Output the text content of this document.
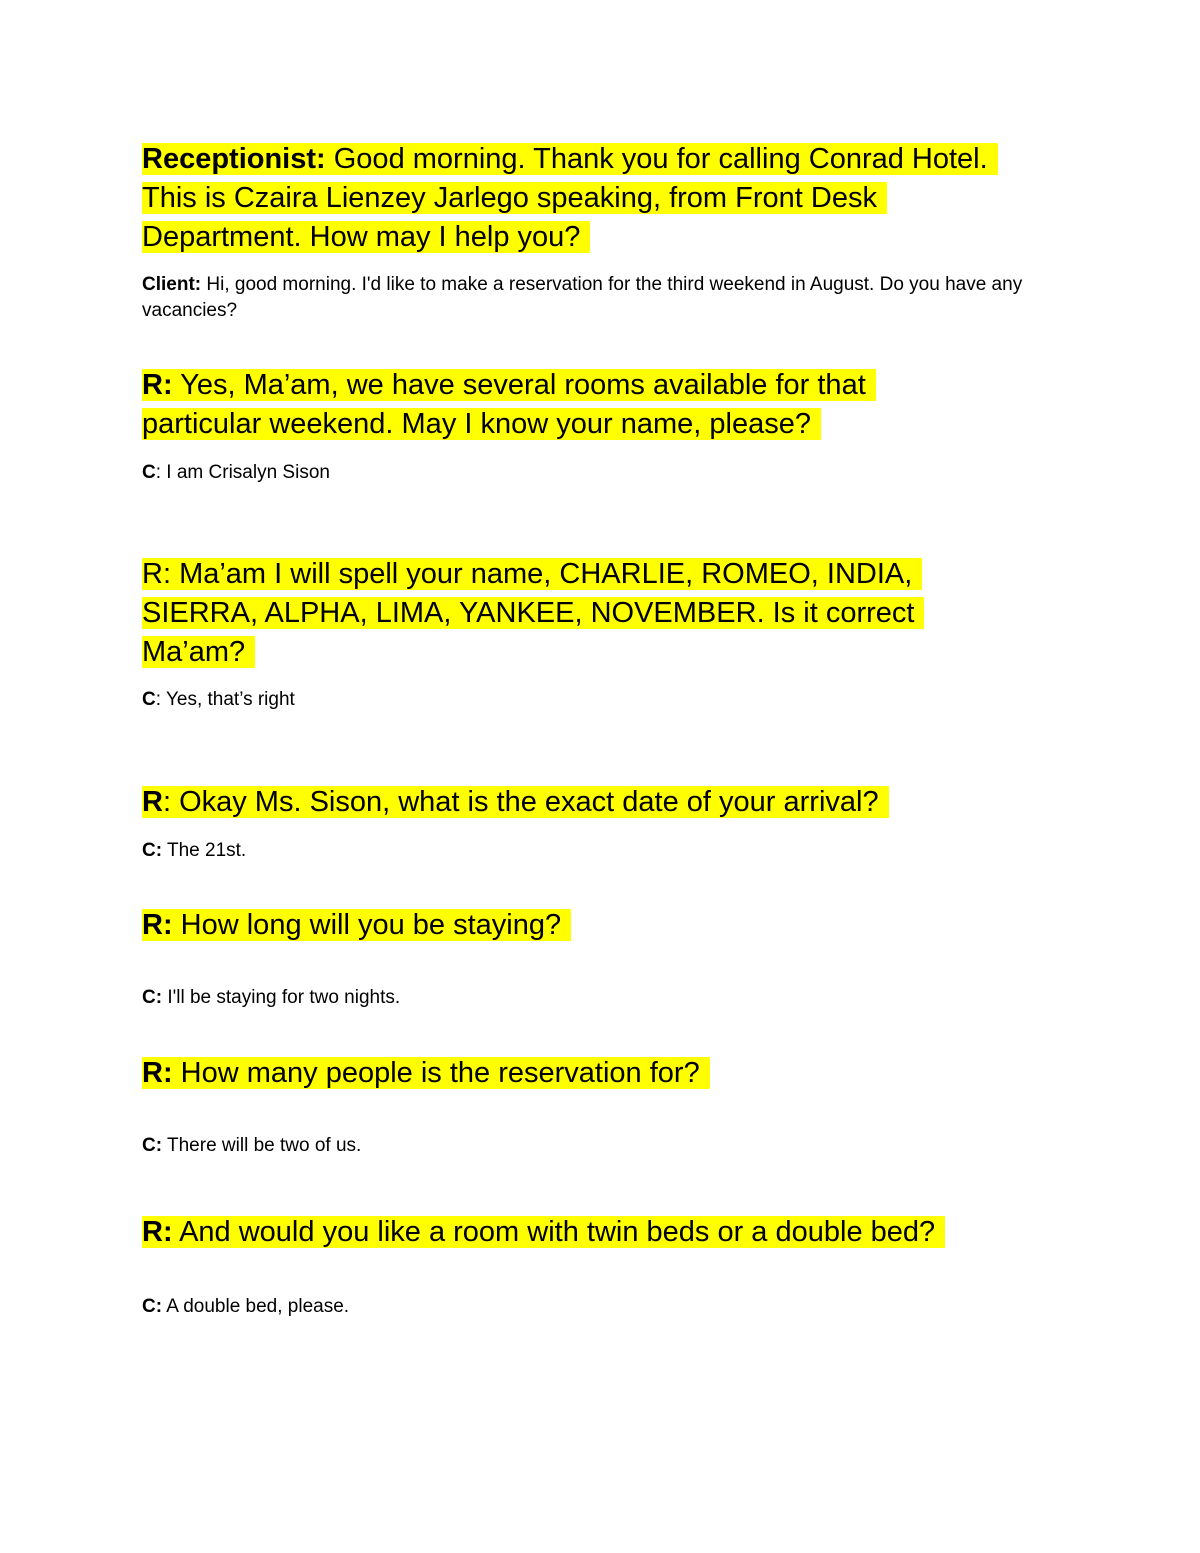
Receptionist: Good morning. Thank you for calling Conrad Hotel.
This is Czaira Lienzey Jarlego speaking, from Front Desk
Department. How may I help you?
Client: Hi, good morning. I'd like to make a reservation for the third weekend in August. Do you have any vacancies?
R: Yes, Ma’am, we have several rooms available for that
particular weekend. May I know your name, please?
C: I am Crisalyn Sison
R: Ma’am I will spell your name, CHARLIE, ROMEO, INDIA,
SIERRA, ALPHA, LIMA, YANKEE, NOVEMBER. Is it correct
Ma’am?
C: Yes, that’s right
R: Okay Ms. Sison, what is the exact date of your arrival?
C: The 21st.
R: How long will you be staying?
C: I'll be staying for two nights.
R: How many people is the reservation for?
C: There will be two of us.
R: And would you like a room with twin beds or a double bed?
C: A double bed, please.
